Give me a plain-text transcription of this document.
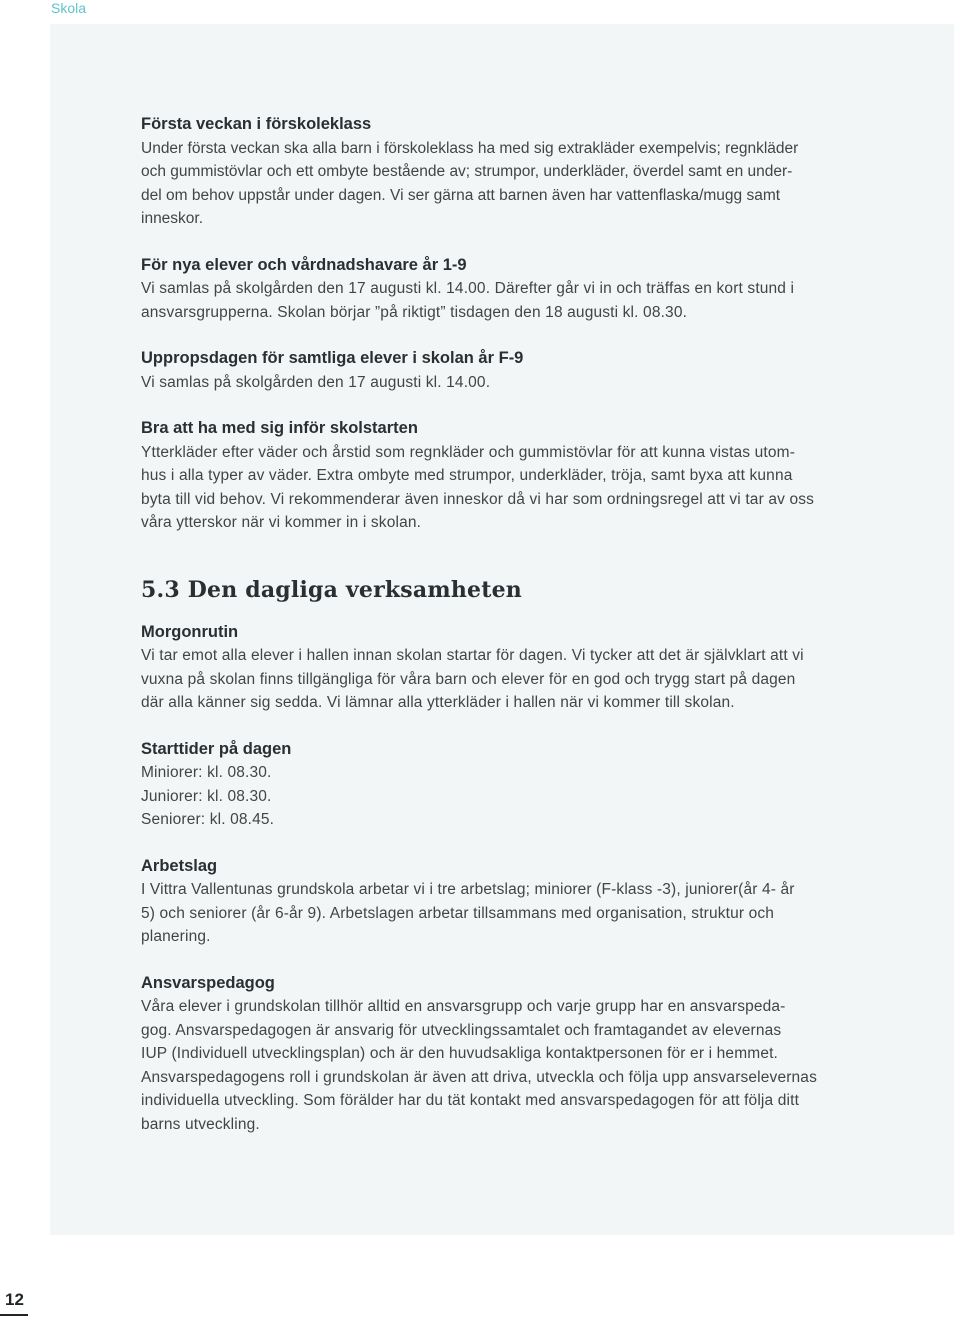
Skola

Första veckan i förskoleklass

Under första veckan ska alla barn i förskoleklass ha med sig extrakläder exempelvis; regnkläder

och gummistövlar och ett ombyte bestående av; strumpor, underkläder, överdel samt en under-

del om behov uppstår under dagen. Vi ser gärna att barnen även har vattenflaska/mugg samt

inneskor.

För nya elever och vårdnadshavare år 1-9

Vi samlas på skolgården den 17 augusti kl. 14.00. Därefter går vi in och träffas en kort stund i

ansvarsgrupperna. Skolan börjar ”på riktigt” tisdagen den 18 augusti kl. 08.30.

Uppropsdagen för samtliga elever i skolan år F-9

Vi samlas på skolgården den 17 augusti kl. 14.00.

Bra att ha med sig inför skolstarten

Ytterkläder efter väder och årstid som regnkläder och gummistövlar för att kunna vistas utom-

hus i alla typer av väder. Extra ombyte med strumpor, underkläder, tröja, samt byxa att kunna

byta till vid behov. Vi rekommenderar även inneskor då vi har som ordningsregel att vi tar av oss

våra ytterskor när vi kommer in i skolan.

5.3 Den dagliga verksamheten

Morgonrutin

Vi tar emot alla elever i hallen innan skolan startar för dagen. Vi tycker att det är självklart att vi

vuxna på skolan finns tillgängliga för våra barn och elever för en god och trygg start på dagen

där alla känner sig sedda. Vi lämnar alla ytterkläder i hallen när vi kommer till skolan.

Starttider på dagen

Miniorer: kl. 08.30.

Juniorer: kl. 08.30.

Seniorer: kl. 08.45.

Arbetslag

I Vittra Vallentunas grundskola arbetar vi i tre arbetslag; miniorer (F-klass -3), juniorer(år 4- år

5) och seniorer (år 6-år 9). Arbetslagen arbetar tillsammans med organisation, struktur och

planering.

Ansvarspedagog

Våra elever i grundskolan tillhör alltid en ansvarsgrupp och varje grupp har en ansvarspeda-

gog. Ansvarspedagogen är ansvarig för utvecklingssamtalet och framtagandet av elevernas

IUP (Individuell utvecklingsplan) och är den huvudsakliga kontaktpersonen för er i hemmet.

Ansvarspedagogens roll i grundskolan är även att driva, utveckla och följa upp ansvarselevernas

individuella utveckling. Som förälder har du tät kontakt med ansvarspedagogen för att följa ditt

barns utveckling.

12
